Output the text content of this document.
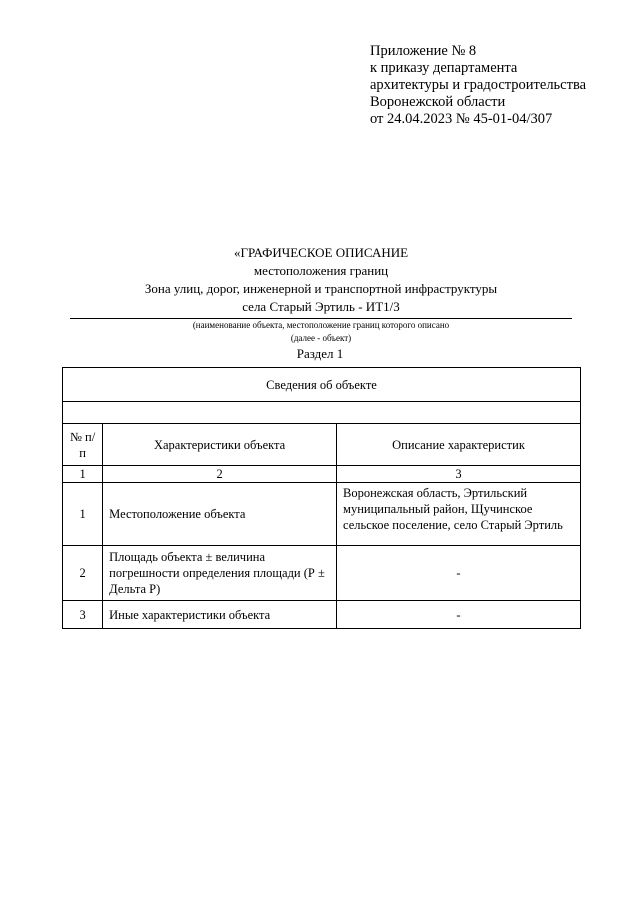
Приложение № 8
к приказу департамента
архитектуры и градостроительства
Воронежской области
от 24.04.2023 № 45-01-04/307
«ГРАФИЧЕСКОЕ ОПИСАНИЕ
местоположения границ
Зона улиц, дорог, инженерной и транспортной инфраструктуры
села Старый Эртиль - ИТ1/3
(наименование объекта, местоположение границ которого описано
(далее - объект)
Раздел 1
Сведения об объекте		

№ п/п	Характеристики объекта	Описание характеристик
1	2	3
1	Местоположение объекта	Воронежская область, Эртильский муниципальный район, Щучинское сельское поселение, село Старый Эртиль
2	Площадь объекта ± величина погрешности определения площади (Р ± Дельта Р)	-
3	Иные характеристики объекта	-
